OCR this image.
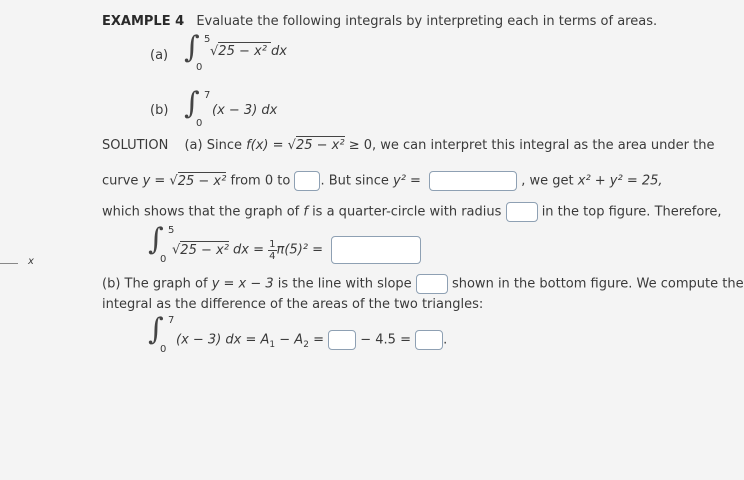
EXAMPLE 4 Evaluate the following integrals by interpreting each in terms of areas.
(a) ∫ 5
0
√25 − x² dx
(b) ∫ 7
0
(x − 3) dx
SOLUTION (a) Since f(x) = √25 − x² ≥ 0, we can interpret this integral as the area under the
curve y = √25 − x² from 0 to . But since y² =	, we get x² + y² = 25,
which shows that the graph of f is a quarter-circle with radius	in the top figure. Therefore,
∫ 5
0
√25 − x² dx = $\frac{1}{4} \pi(5)^2$ =
(b) The graph of y = x − 3 is the line with slope	shown in the bottom figure. We compute the
integral as the difference of the areas of the two triangles:
∫ 7
0
(x − 3) dx = $A_1 - A_2$ =	− 4.5 = .
x
